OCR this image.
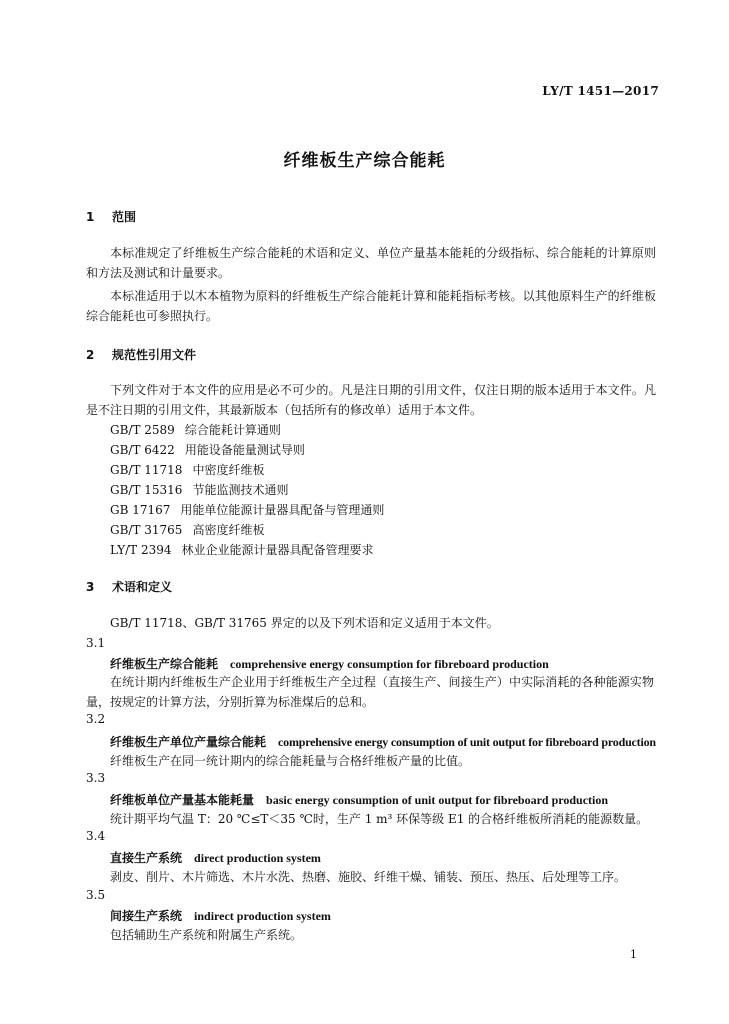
LY/T 1451—2017
纤维板生产综合能耗
1 范围
本标准规定了纤维板生产综合能耗的术语和定义、单位产量基本能耗的分级指标、综合能耗的计算原则和方法及测试和计量要求。
本标准适用于以木本植物为原料的纤维板生产综合能耗计算和能耗指标考核。以其他原料生产的纤维板综合能耗也可参照执行。
2 规范性引用文件
下列文件对于本文件的应用是必不可少的。凡是注日期的引用文件，仅注日期的版本适用于本文件。凡是不注日期的引用文件，其最新版本（包括所有的修改单）适用于本文件。
GB/T 2589 综合能耗计算通则
GB/T 6422 用能设备能量测试导则
GB/T 11718 中密度纤维板
GB/T 15316 节能监测技术通则
GB 17167 用能单位能源计量器具配备与管理通则
GB/T 31765 高密度纤维板
LY/T 2394 林业企业能源计量器具配备管理要求
3 术语和定义
GB/T 11718、GB/T 31765 界定的以及下列术语和定义适用于本文件。
3.1
纤维板生产综合能耗 comprehensive energy consumption for fibreboard production
在统计期内纤维板生产企业用于纤维板生产全过程（直接生产、间接生产）中实际消耗的各种能源实物量，按规定的计算方法，分别折算为标准煤后的总和。
3.2
纤维板生产单位产量综合能耗 comprehensive energy consumption of unit output for fibreboard production
纤维板生产在同一统计期内的综合能耗量与合格纤维板产量的比值。
3.3
纤维板单位产量基本能耗量 basic energy consumption of unit output for fibreboard production
统计期平均气温 T：20 ℃≤T＜35 ℃时，生产 1 m³ 环保等级 E1 的合格纤维板所消耗的能源数量。
3.4
直接生产系统 direct production system
剥皮、削片、木片筛选、木片水洗、热磨、施胶、纤维干燥、铺装、预压、热压、后处理等工序。
3.5
间接生产系统 indirect production system
包括辅助生产系统和附属生产系统。
1
